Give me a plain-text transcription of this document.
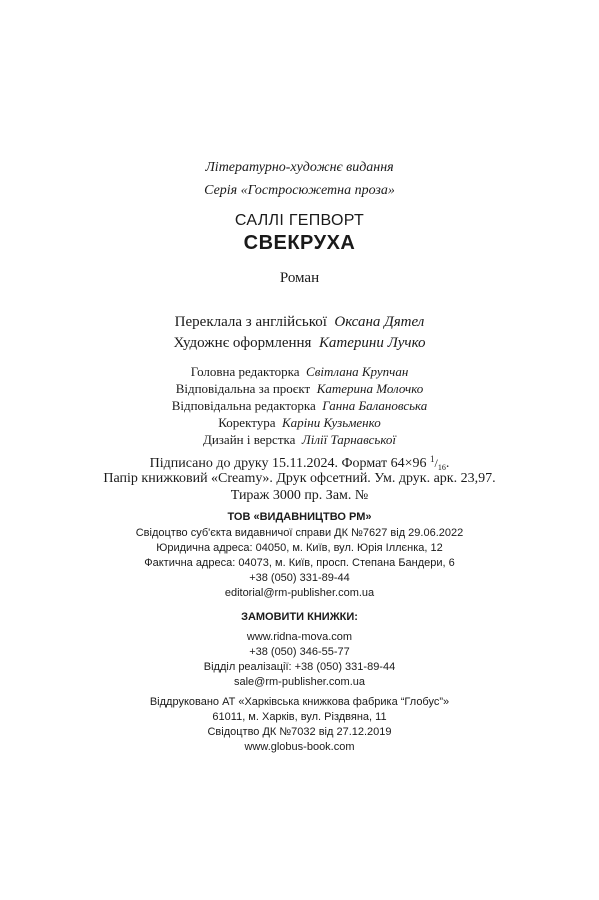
Літературно-художнє видання
Серія «Гостросюжетна проза»
САЛЛІ ГЕПВОРТ
СВЕКРУХА
Роман
Переклала з англійської Оксана Дятел
Художнє оформлення Катерини Лучко
Головна редакторка Світлана Крупчан
Відповідальна за проєкт Катерина Молочко
Відповідальна редакторка Ганна Балановська
Коректура Каріни Кузьменко
Дизайн і верстка Лілії Тарнавської
Підписано до друку 15.11.2024. Формат 64×96 $^1/_{16}$.
Папір книжковий «Creamy». Друк офсетний. Ум. друк. арк. 23,97.
Тираж 3000 пр. Зам. №
ТОВ «ВИДАВНИЦТВО РМ»
Свідоцтво суб'єкта видавничої справи ДК №7627 від 29.06.2022
Юридична адреса: 04050, м. Київ, вул. Юрія Іллєнка, 12
Фактична адреса: 04073, м. Київ, просп. Степана Бандери, 6
+38 (050) 331-89-44
editorial@rm-publisher.com.ua
ЗАМОВИТИ КНИЖКИ:
www.ridna-mova.com
+38 (050) 346-55-77
Відділ реалізації: +38 (050) 331-89-44
sale@rm-publisher.com.ua
Віддруковано АТ «Харківська книжкова фабрика “Глобус”»
61011, м. Харків, вул. Різдвяна, 11
Свідоцтво ДК №7032 від 27.12.2019
www.globus-book.com
